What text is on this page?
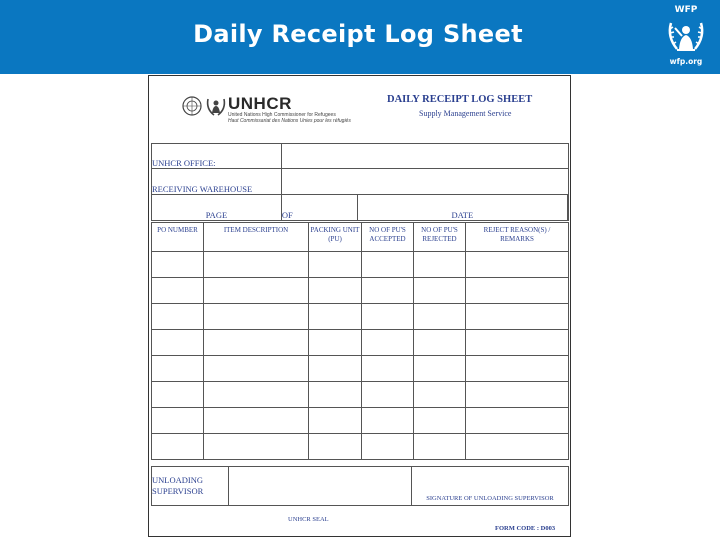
Daily Receipt Log Sheet
WFP
wfp.org
UNHCR
United Nations High Commissioner for Refugees
Haut Commissariat des Nations Unies pour les réfugiés
DAILY RECEIPT LOG SHEET
Supply Management Service
UNHCR OFFICE:			
RECEIVING WAREHOUSE			
PAGE	OF	DATE	
PO NUMBER	ITEM DESCRIPTION	PACKING UNIT (PU)	NO OF PU'S ACCEPTED	NO OF PU'S REJECTED	REJECT REASON(S) / REMARKS

UNLOADING
SUPERVISOR
		SIGNATURE OF UNLOADING SUPERVISOR
UNHCR SEAL
FORM CODE : D003
